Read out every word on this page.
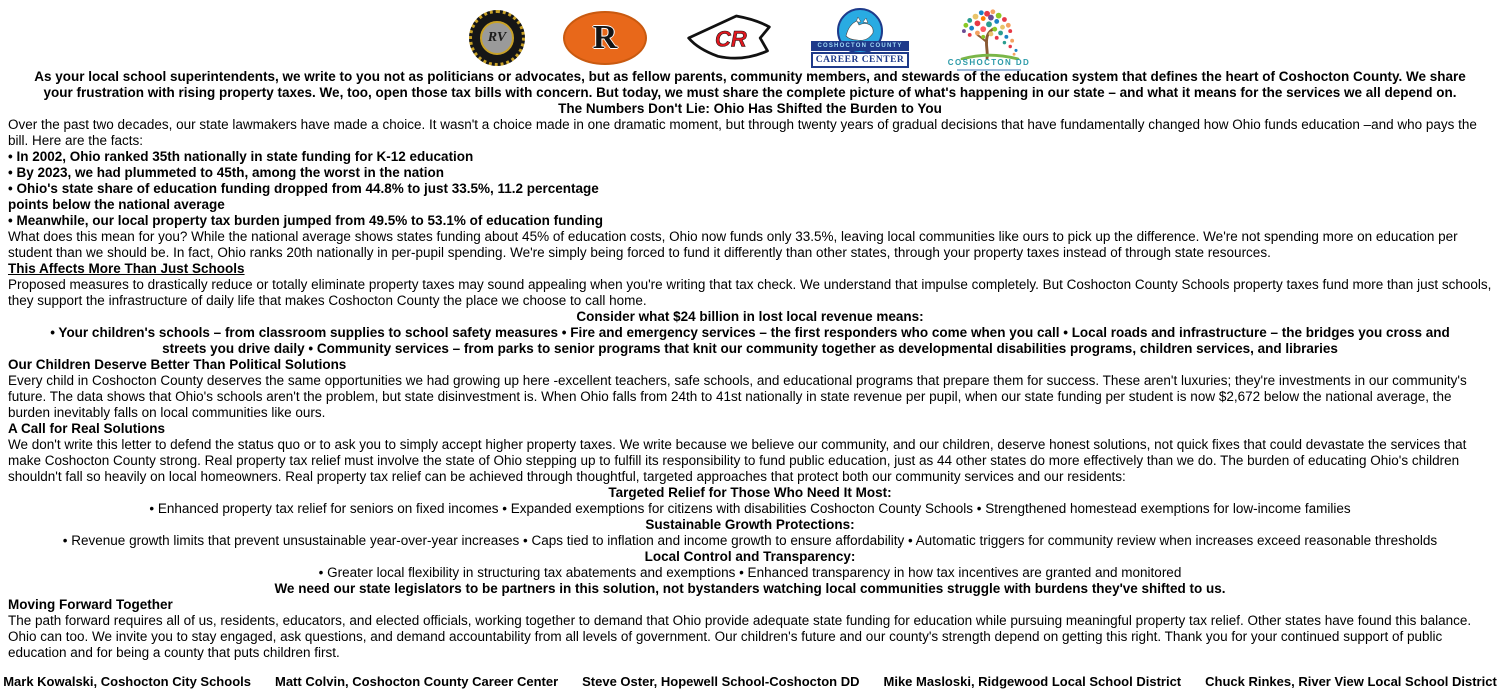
RV	R	CR	COSHOCTON COUNTY
CAREER CENTER	COSHOCTON DD

As your local school superintendents, we write to you not as politicians or advocates, but as fellow parents, community members, and stewards of the education system that defines the heart of Coshocton County. We share your frustration with rising property taxes. We, too, open those tax bills with concern. But today, we must share the complete picture of what's happening in our state – and what it means for the services we all depend on.

The Numbers Don't Lie: Ohio Has Shifted the Burden to You

Over the past two decades, our state lawmakers have made a choice. It wasn't a choice made in one dramatic moment, but through twenty years of gradual decisions that have fundamentally changed how Ohio funds education –and who pays the bill. Here are the facts:

• In 2002, Ohio ranked 35th nationally in state funding for K-12 education
• By 2023, we had plummeted to 45th, among the worst in the nation
• Ohio's state share of education funding dropped from 44.8% to just 33.5%, 11.2 percentage
points below the national average
• Meanwhile, our local property tax burden jumped from 49.5% to 53.1% of education funding

What does this mean for you? While the national average shows states funding about 45% of education costs, Ohio now funds only 33.5%, leaving local communities like ours to pick up the difference. We're not spending more on education per student than we should be. In fact, Ohio ranks 20th nationally in per-pupil spending. We're simply being forced to fund it differently than other states, through your property taxes instead of through state resources.

This Affects More Than Just Schools

Proposed measures to drastically reduce or totally eliminate property taxes may sound appealing when you're writing that tax check. We understand that impulse completely. But Coshocton County Schools property taxes fund more than just schools, they support the infrastructure of daily life that makes Coshocton County the place we choose to call home.

Consider what $24 billion in lost local revenue means:

• Your children's schools – from classroom supplies to school safety measures • Fire and emergency services – the first responders who come when you call • Local roads and infrastructure – the bridges you cross and streets you drive daily • Community services – from parks to senior programs that knit our community together as developmental disabilities programs, children services, and libraries

Our Children Deserve Better Than Political Solutions

Every child in Coshocton County deserves the same opportunities we had growing up here -excellent teachers, safe schools, and educational programs that prepare them for success. These aren't luxuries; they're investments in our community's future. The data shows that Ohio's schools aren't the problem, but state disinvestment is. When Ohio falls from 24th to 41st nationally in state revenue per pupil, when our state funding per student is now $2,672 below the national average, the burden inevitably falls on local communities like ours.

A Call for Real Solutions

We don't write this letter to defend the status quo or to ask you to simply accept higher property taxes. We write because we believe our community, and our children, deserve honest solutions, not quick fixes that could devastate the services that make Coshocton County strong. Real property tax relief must involve the state of Ohio stepping up to fulfill its responsibility to fund public education, just as 44 other states do more effectively than we do. The burden of educating Ohio's children shouldn't fall so heavily on local homeowners. Real property tax relief can be achieved through thoughtful, targeted approaches that protect both our community services and our residents:

Targeted Relief for Those Who Need It Most:

• Enhanced property tax relief for seniors on fixed incomes • Expanded exemptions for citizens with disabilities Coshocton County Schools • Strengthened homestead exemptions for low-income families

Sustainable Growth Protections:

• Revenue growth limits that prevent unsustainable year-over-year increases • Caps tied to inflation and income growth to ensure affordability • Automatic triggers for community review when increases exceed reasonable thresholds

Local Control and Transparency:

• Greater local flexibility in structuring tax abatements and exemptions • Enhanced transparency in how tax incentives are granted and monitored

We need our state legislators to be partners in this solution, not bystanders watching local communities struggle with burdens they've shifted to us.

Moving Forward Together

The path forward requires all of us, residents, educators, and elected officials, working together to demand that Ohio provide adequate state funding for education while pursuing meaningful property tax relief. Other states have found this balance. Ohio can too. We invite you to stay engaged, ask questions, and demand accountability from all levels of government. Our children's future and our county's strength depend on getting this right. Thank you for your continued support of public education and for being a county that puts children first.

Mark Kowalski, Coshocton City Schools Matt Colvin, Coshocton County Career Center Steve Oster, Hopewell School-Coshocton DD Mike Masloski, Ridgewood Local School District Chuck Rinkes, River View Local School District
